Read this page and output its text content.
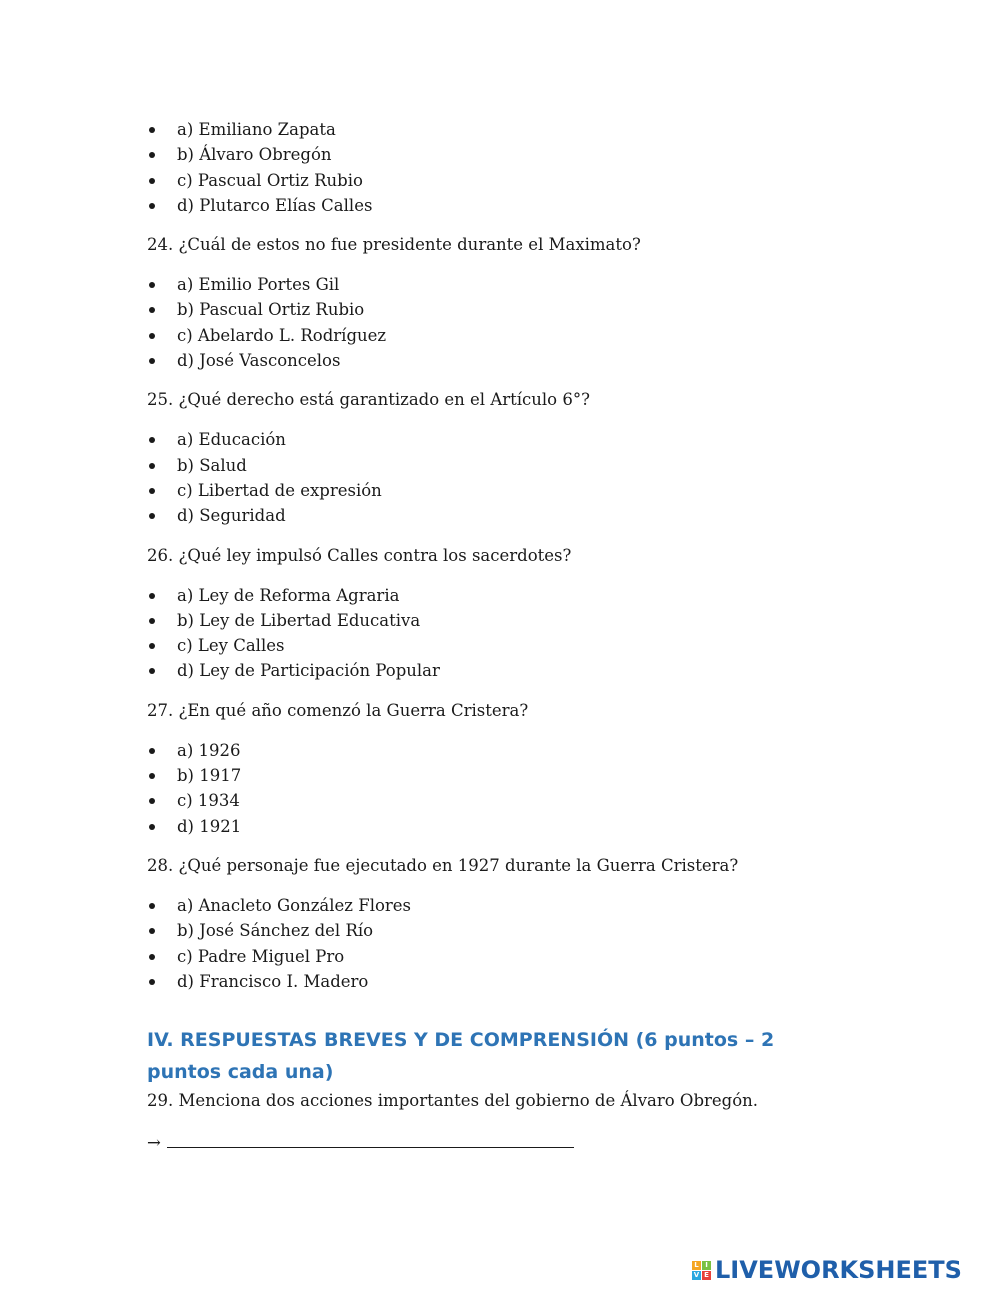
a) Emiliano Zapata
b) Álvaro Obregón
c) Pascual Ortiz Rubio
d) Plutarco Elías Calles
24. ¿Cuál de estos no fue presidente durante el Maximato?
a) Emilio Portes Gil
b) Pascual Ortiz Rubio
c) Abelardo L. Rodríguez
d) José Vasconcelos
25. ¿Qué derecho está garantizado en el Artículo 6°?
a) Educación
b) Salud
c) Libertad de expresión
d) Seguridad
26. ¿Qué ley impulsó Calles contra los sacerdotes?
a) Ley de Reforma Agraria
b) Ley de Libertad Educativa
c) Ley Calles
d) Ley de Participación Popular
27. ¿En qué año comenzó la Guerra Cristera?
a) 1926
b) 1917
c) 1934
d) 1921
28. ¿Qué personaje fue ejecutado en 1927 durante la Guerra Cristera?
a) Anacleto González Flores
b) José Sánchez del Río
c) Padre Miguel Pro
d) Francisco I. Madero
IV. RESPUESTAS BREVES Y DE COMPRENSIÓN (6 puntos – 2 puntos cada una)
29. Menciona dos acciones importantes del gobierno de Álvaro Obregón.
→
L I
V E LIVEWORKSHEETS
